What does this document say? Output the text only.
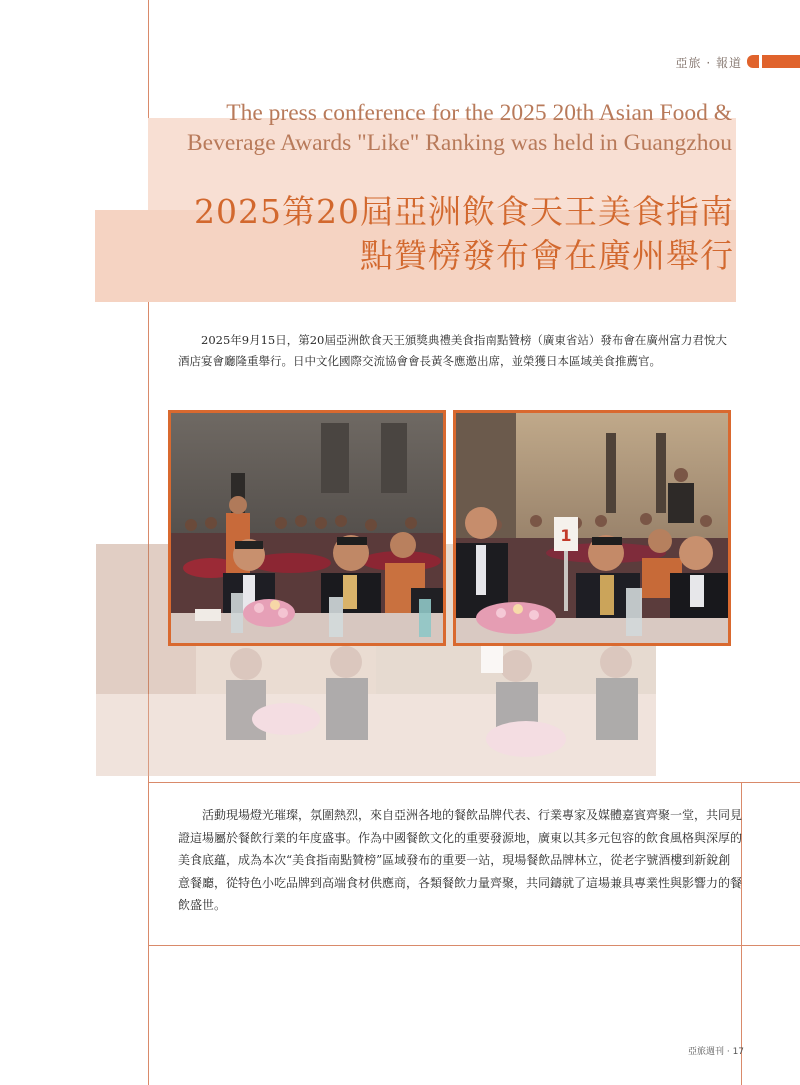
亞旅 · 報道
The press conference for the 2025 20th Asian Food & Beverage Awards "Like" Ranking was held in Guangzhou
2025第20屆亞洲飲食天王美食指南
點贊榜發布會在廣州舉行

2025年9月15日，第20屆亞洲飲食天王頒獎典禮美食指南點贊榜（廣東省站）發布會在廣州富力君悅大酒店宴會廳隆重舉行。日中文化國際交流協會會長黃冬應邀出席，並榮獲日本區域美食推薦官。

1

活動現場燈光璀璨，氛圍熱烈，來自亞洲各地的餐飲品牌代表、行業專家及媒體嘉賓齊聚一堂，共同見證這場屬於餐飲行業的年度盛事。作為中國餐飲文化的重要發源地，廣東以其多元包容的飲食風格與深厚的美食底蘊，成為本次“美食指南點贊榜”區域發布的重要一站，現場餐飲品牌林立，從老字號酒樓到新銳創意餐廳，從特色小吃品牌到高端食材供應商，各類餐飲力量齊聚，共同鑄就了這場兼具專業性與影響力的餐飲盛世。

亞旅週刊 · 17
